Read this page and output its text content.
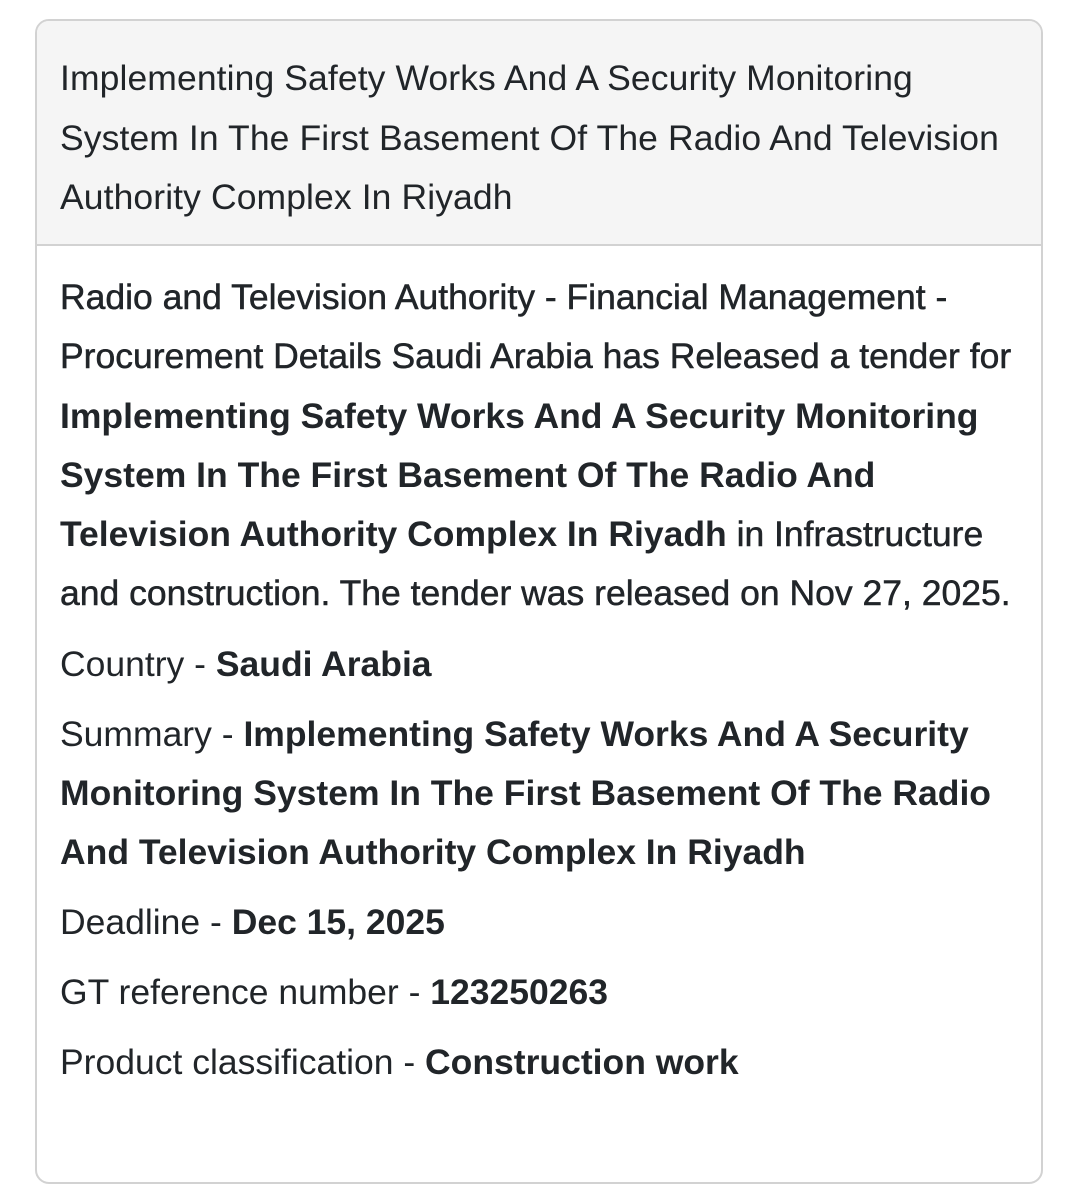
Implementing Safety Works And A Security Monitoring System In The First Basement Of The Radio And Television Authority Complex In Riyadh

Radio and Television Authority - Financial Management - Procurement Details Saudi Arabia has Released a tender for Implementing Safety Works And A Security Monitoring System In The First Basement Of The Radio And Television Authority Complex In Riyadh in Infrastructure and construction. The tender was released on Nov 27, 2025.

Country - Saudi Arabia

Summary - Implementing Safety Works And A Security Monitoring System In The First Basement Of The Radio And Television Authority Complex In Riyadh

Deadline - Dec 15, 2025

GT reference number - 123250263

Product classification - Construction work
